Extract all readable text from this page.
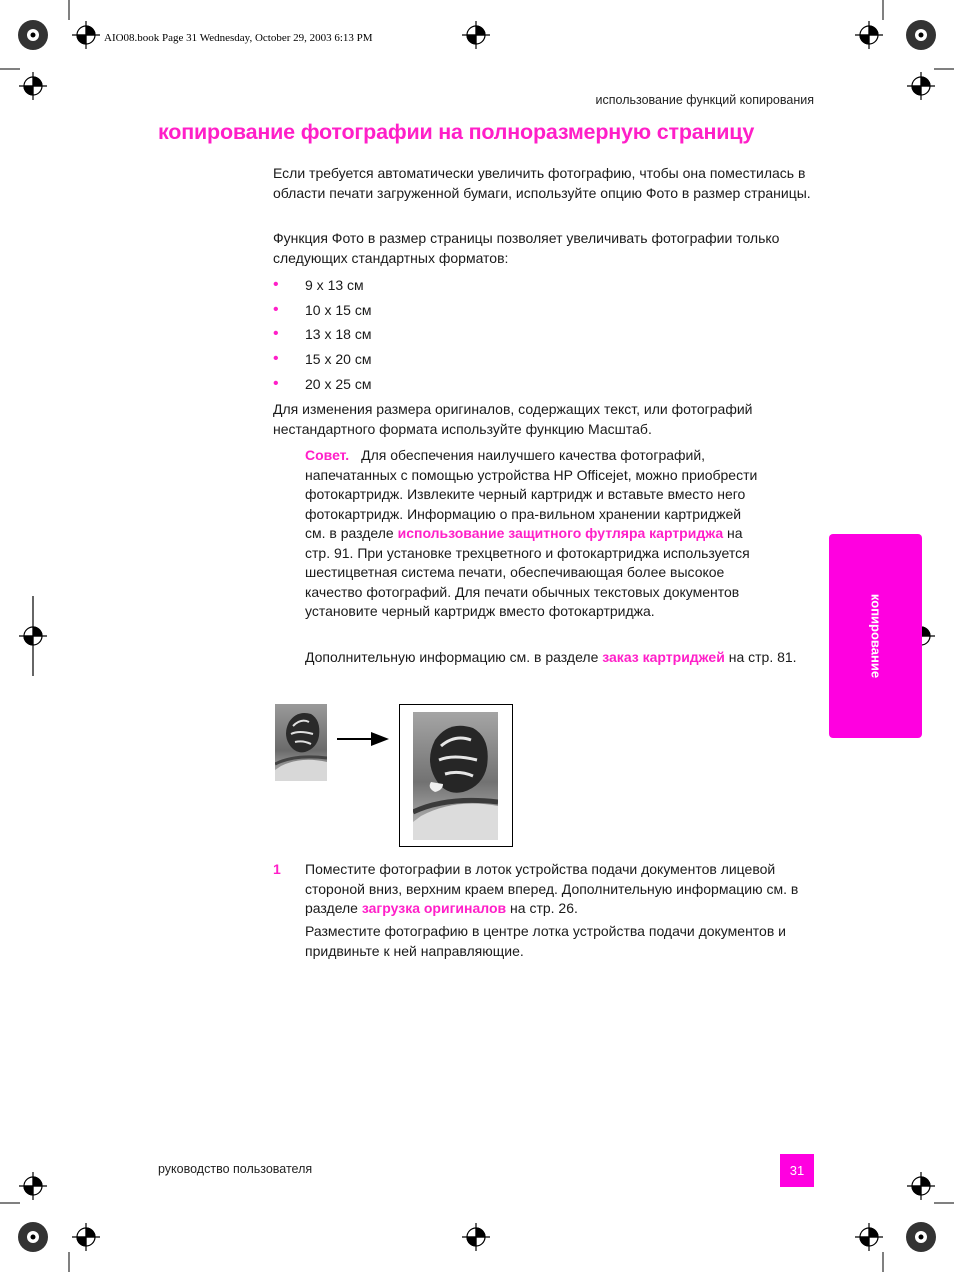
AIO08.book Page 31 Wednesday, October 29, 2003 6:13 PM
использование функций копирования
копирование фотографии на полноразмерную страницу
Если требуется автоматически увеличить фотографию, чтобы она поместилась в области печати загруженной бумаги, используйте опцию Фото в размер страницы.
Функция Фото в размер страницы позволяет увеличивать фотографии только следующих стандартных форматов:
•	9 x 13 см
•	10 x 15 см
•	13 x 18 см
•	15 x 20 см
•	20 x 25 см
Для изменения размера оригиналов, содержащих текст, или фотографий нестандартного формата используйте функцию Масштаб.
Совет. Для обеспечения наилучшего качества фотографий, напечатанных с помощью устройства HP Officejet, можно приобрести фотокартридж. Извлеките черный картридж и вставьте вместо него фотокартридж. Информацию о пра-вильном хранении картриджей см. в разделе использование защитного футляра картриджа на стр. 91. При установке трехцветного и фотокартриджа используется шестицветная система печати, обеспечивающая более высокое качество фотографий. Для печати обычных текстовых документов установите черный картридж вместо фотокартриджа.
Дополнительную информацию см. в разделе заказ картриджей на стр. 81.
1 Поместите фотографии в лоток устройства подачи документов лицевой стороной вниз, верхним краем вперед. Дополнительную информацию см. в разделе загрузка оригиналов на стр. 26.
Разместите фотографию в центре лотка устройства подачи документов и придвиньте к ней направляющие.
копирование
руководство пользователя	31
